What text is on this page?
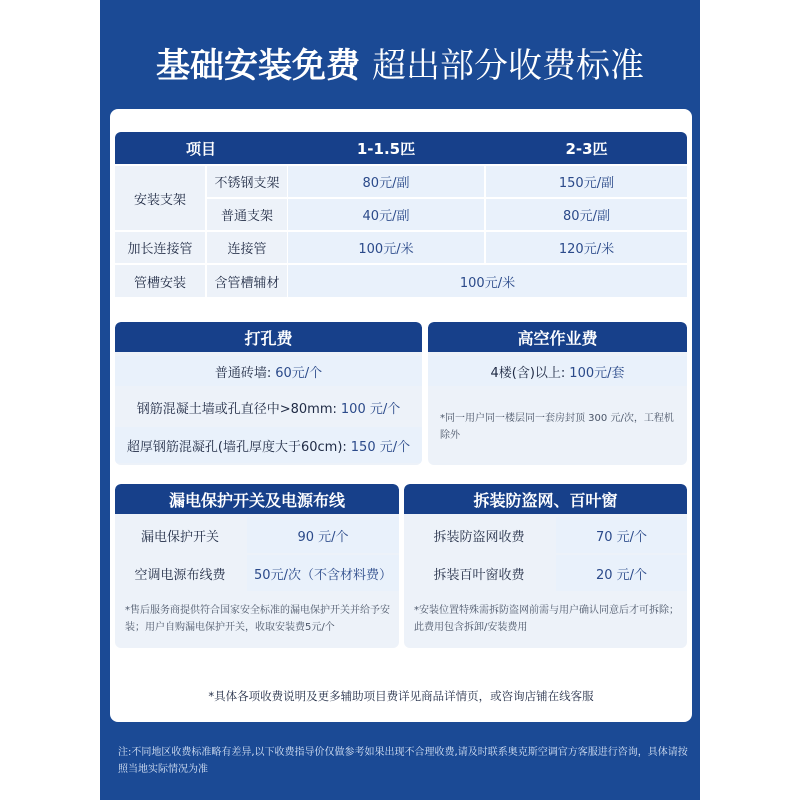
基础安装免费 超出部分收费标准
项目	1-1.5匹	2-3匹
安装支架
不锈钢支架	80元/副	150元/副
普通支架	40元/副	80元/副
加长连接管	连接管	100元/米	120元/米
管槽安装	含管槽辅材	100元/米
打孔费
普通砖墙: 60元/个
钢筋混凝土墙或孔直径中>80mm: 100 元/个
超厚钢筋混凝孔(墙孔厚度大于60cm): 150 元/个
高空作业费
4楼(含)以上: 100元/套
*同一用户同一楼层同一套房封顶 300 元/次，工程机除外
漏电保护开关及电源布线
漏电保护开关	90 元/个
空调电源布线费	50元/次（不含材料费）
*售后服务商提供符合国家安全标准的漏电保护开关并给予安装；用户自购漏电保护开关，收取安装费5元/个
拆装防盗网、百叶窗
拆装防盗网收费	70 元/个
拆装百叶窗收费	20 元/个
*安装位置特殊需拆防盗网前需与用户确认同意后才可拆除；此费用包含拆卸/安装费用
*具体各项收费说明及更多辅助项目费详见商品详情页，或咨询店铺在线客服
注:不同地区收费标准略有差异,以下收费指导价仅做参考如果出现不合理收费,请及时联系奥克斯空调官方客服进行咨询，具体请按照当地实际情况为准
